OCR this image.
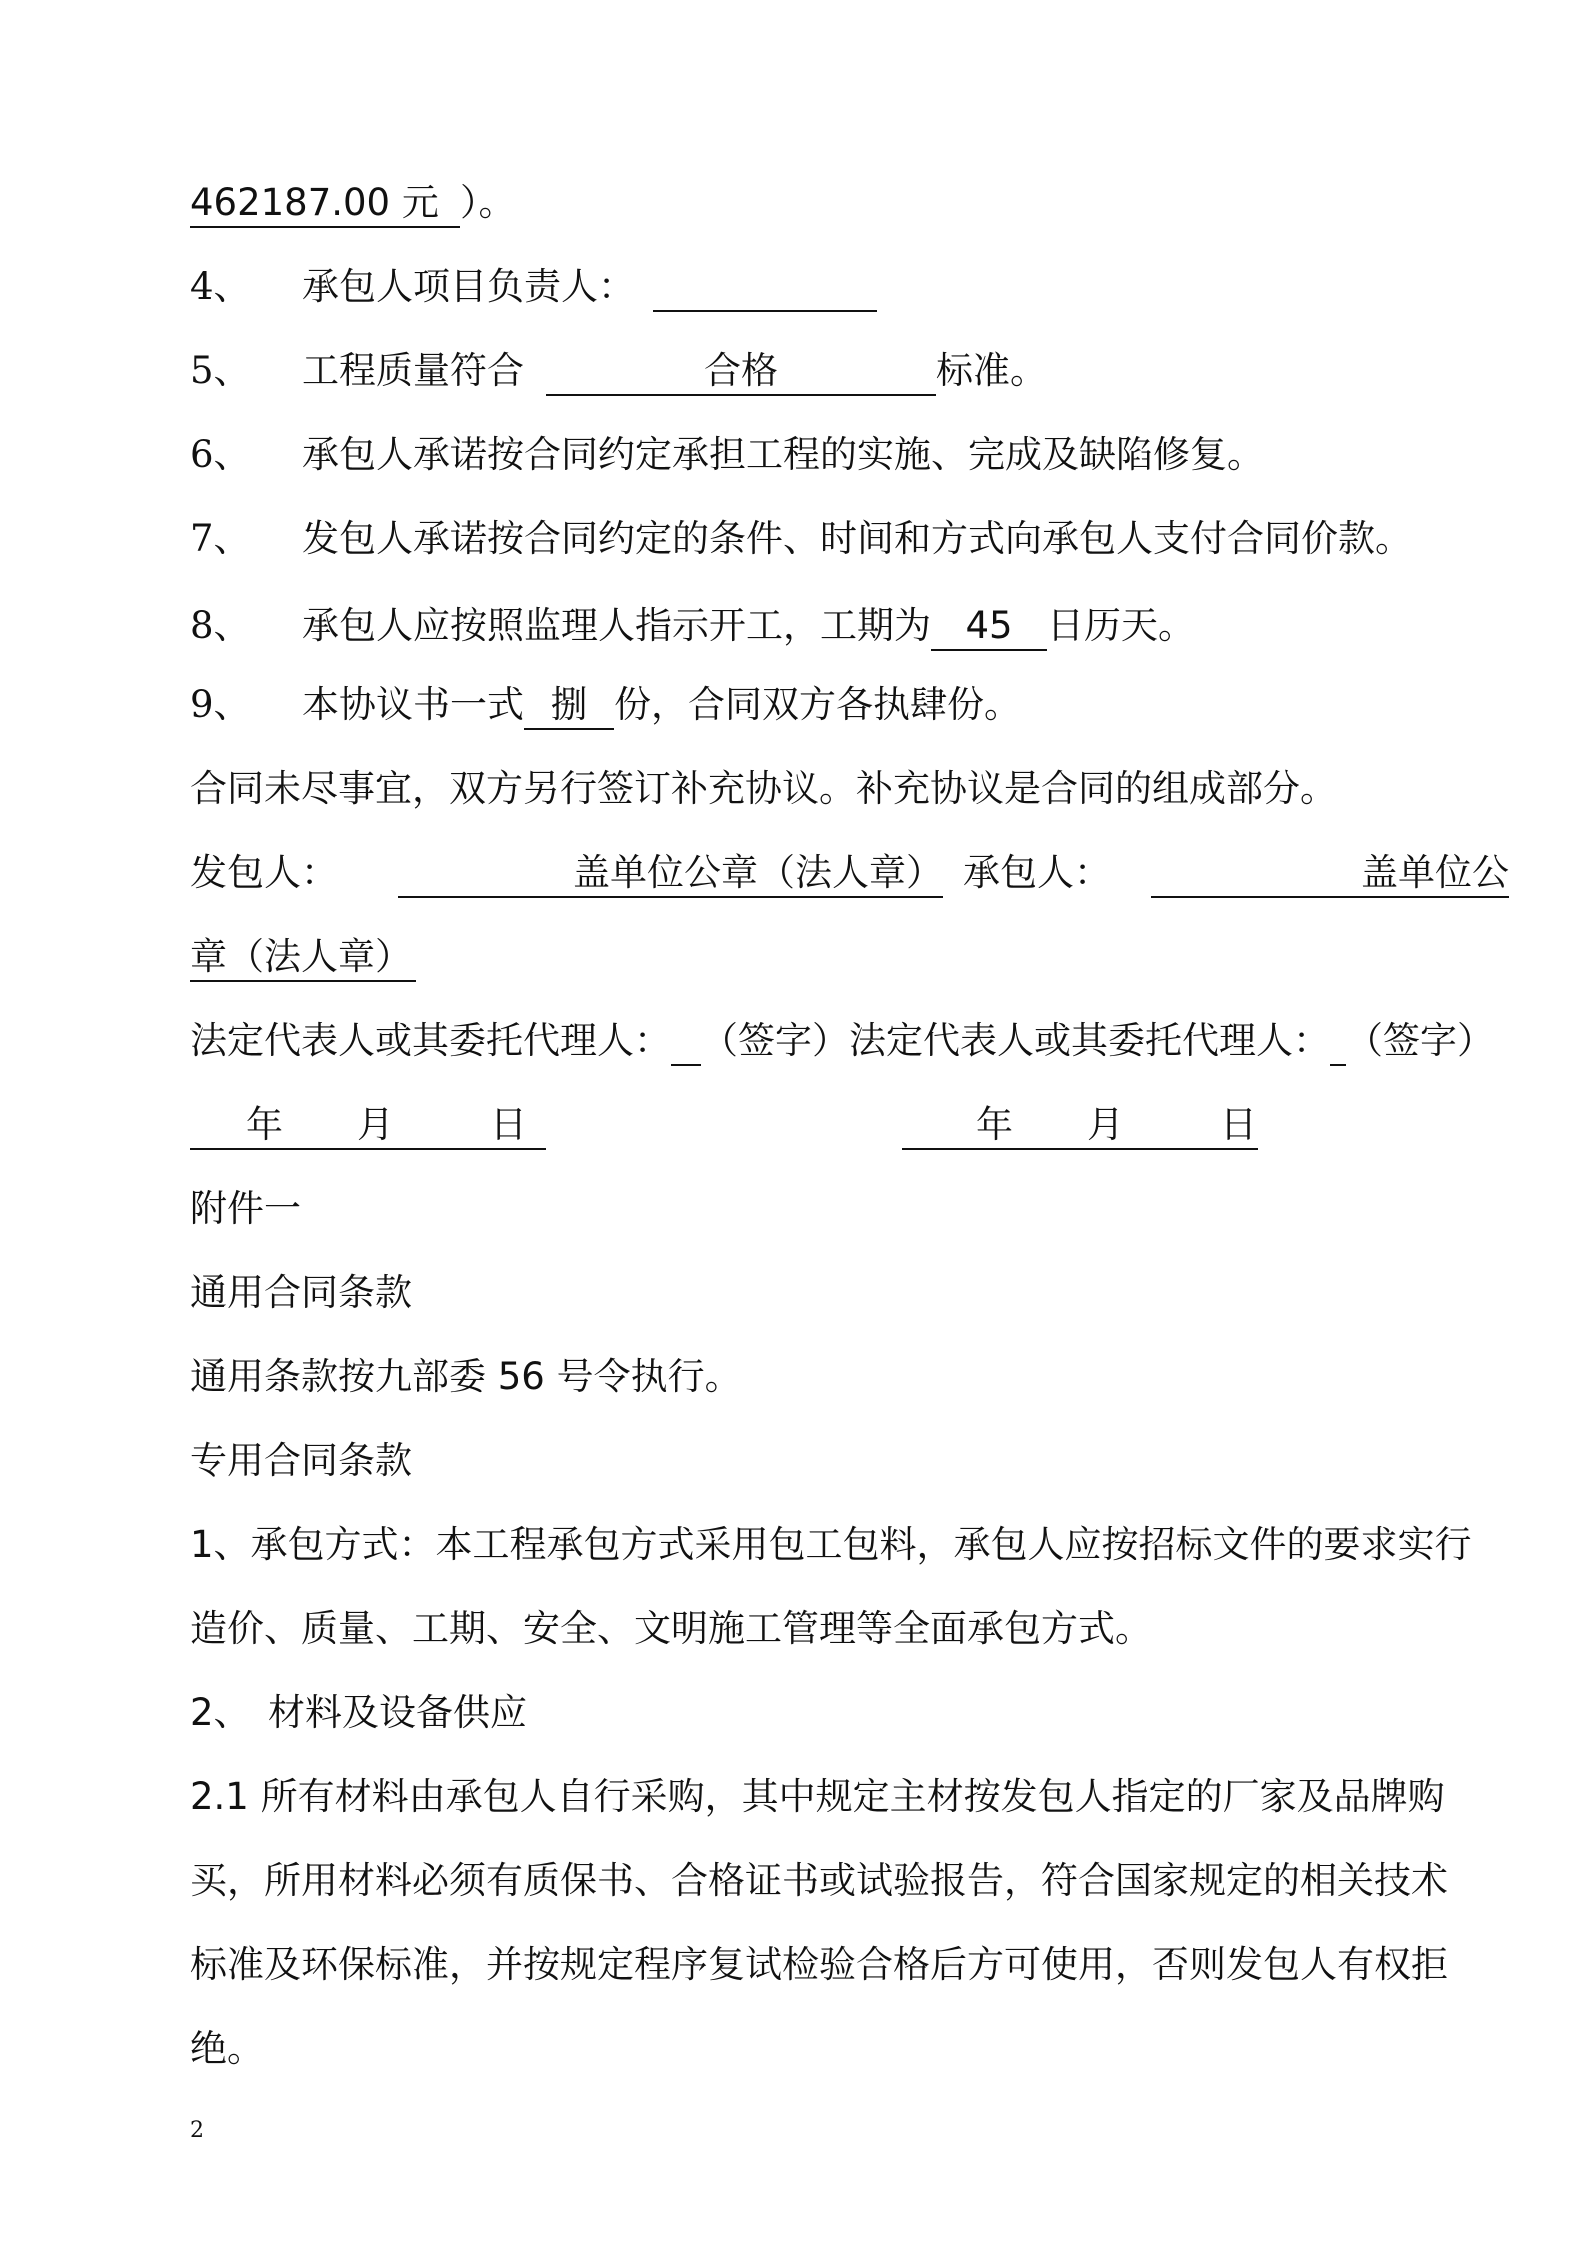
462187.00 元 ）。
4、 承包人项目负责人：
5、 工程质量符合	合格	标准。
6、 承包人承诺按合同约定承担工程的实施、完成及缺陷修复。
7、 发包人承诺按合同约定的条件、时间和方式向承包人支付合同价款。
8、 承包人应按照监理人指示开工，工期为 45 日历天。
9、 本协议书一式 捌 份，合同双方各执肆份。
合同未尽事宜，双方另行签订补充协议。补充协议是合同的组成部分。
发包人：	盖单位公章（法人章） 承包人：	盖单位公
章（法人章）
法定代表人或其委托代理人： （签字）法定代表人或其委托代理人： （签字）
年 月	日	年 月	日
附件一
通用合同条款
通用条款按九部委 56 号令执行。
专用合同条款
1、承包方式：本工程承包方式采用包工包料，承包人应按招标文件的要求实行
造价、质量、工期、安全、文明施工管理等全面承包方式。
2、 材料及设备供应
2.1 所有材料由承包人自行采购，其中规定主材按发包人指定的厂家及品牌购
买，所用材料必须有质保书、合格证书或试验报告，符合国家规定的相关技术
标准及环保标准，并按规定程序复试检验合格后方可使用，否则发包人有权拒
绝。
2
